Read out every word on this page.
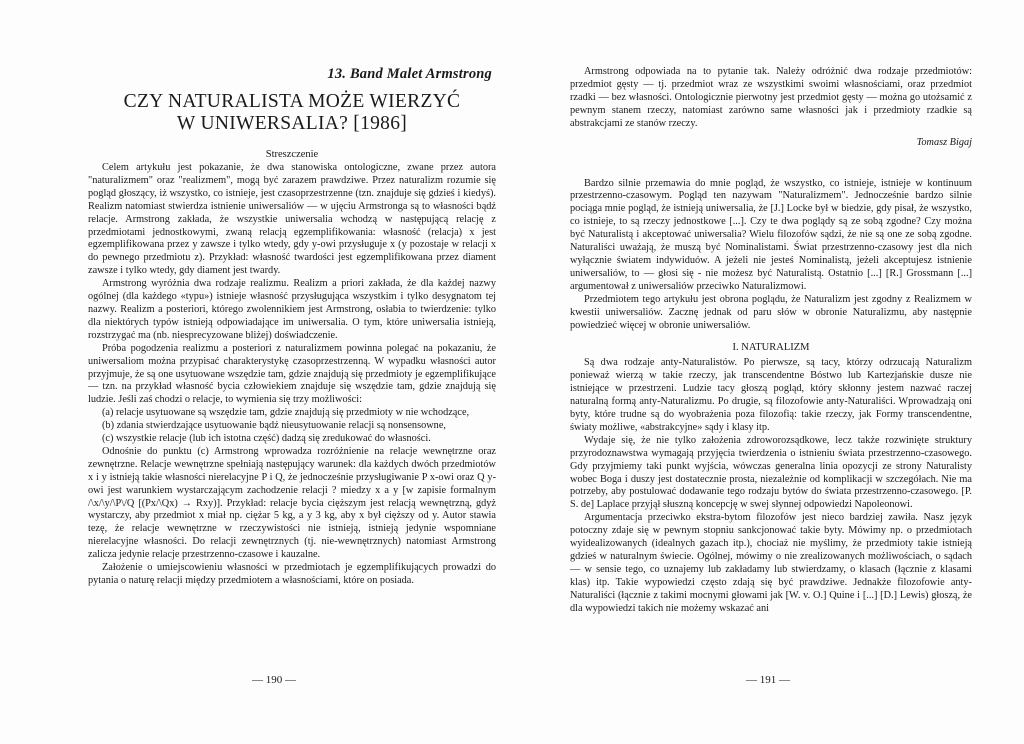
13. Band Malet Armstrong
CZY NATURALISTA MOŻE WIERZYĆ
W UNIWERSALIA? [1986]
Streszczenie

Celem artykułu jest pokazanie, że dwa stanowiska ontologiczne, zwane przez autora "naturalizmem" oraz "realizmem", mogą być zarazem prawdziwe. Przez naturalizm rozumie się pogląd głoszący, iż wszystko, co istnieje, jest czasoprzestrzenne (tzn. znajduje się gdzieś i kiedyś). Realizm natomiast stwierdza istnienie uniwersaliów — w ujęciu Armstronga są to własności bądź relacje. Armstrong zakłada, że wszystkie uniwersalia wchodzą w następującą relację z przedmiotami jednostkowymi, zwaną relacją egzemplifikowania: własność (relacja) x jest egzemplifikowana przez y zawsze i tylko wtedy, gdy y-owi przysługuje x (y pozostaje w relacji x do pewnego przedmiotu z). Przykład: własność twardości jest egzemplifikowana przez diament zawsze i tylko wtedy, gdy diament jest twardy.

Armstrong wyróżnia dwa rodzaje realizmu. Realizm a priori zakłada, że dla każdej nazwy ogólnej (dla każdego «typu») istnieje własność przysługująca wszystkim i tylko desygnatom tej nazwy. Realizm a posteriori, którego zwolennikiem jest Armstrong, osłabia to twierdzenie: tylko dla niektórych typów istnieją odpowiadające im uniwersalia. O tym, które uniwersalia istnieją, rozstrzygać ma (nb. niesprecyzowane bliżej) doświadczenie.

Próba pogodzenia realizmu a posteriori z naturalizmem powinna polegać na pokazaniu, że uniwersaliom można przypisać charakterystykę czasoprzestrzenną. W wypadku własności autor przyjmuje, że są one usytuowane wszędzie tam, gdzie znajdują się przedmioty je egzemplifikujące — tzn. na przykład własność bycia człowiekiem znajduje się wszędzie tam, gdzie znajdują się ludzie. Jeśli zaś chodzi o relacje, to wymienia się trzy możliwości:

(a) relacje usytuowane są wszędzie tam, gdzie znajdują się przedmioty w nie wchodzące,
(b) zdania stwierdzające usytuowanie bądź nieusytuowanie relacji są nonsensowne,
(c) wszystkie relacje (lub ich istotna część) dadzą się zredukować do własności.

Odnośnie do punktu (c) Armstrong wprowadza rozróżnienie na relacje wewnętrzne oraz zewnętrzne. Relacje wewnętrzne spełniają następujący warunek: dla każdych dwóch przedmiotów x i y istnieją takie własności nierelacyjne P i Q, że jednocześnie przysługiwanie P x-owi oraz Q y-owi jest warunkiem wystarczającym zachodzenie relacji ? miedzy x a y [w zapisie formalnym /\x/\y/\P\/Q [(Px/\Qx) → Rxy)]. Przykład: relacje bycia cięższym jest relacją wewnętrzną, gdyż wystarczy, aby przedmiot x miał np. ciężar 5 kg, a y 3 kg, aby x był cięższy od y. Autor stawia tezę, że relacje wewnętrzne w rzeczywistości nie istnieją, istnieją jedynie wspomniane nierelacyjne własności. Do relacji zewnętrznych (tj. nie-wewnętrznych) natomiast Armstrong zalicza jedynie relacje przestrzenno-czasowe i kauzalne.

Założenie o umiejscowieniu własności w przedmiotach je egzemplifikujących prowadzi do pytania o naturę relacji między przedmiotem a własnościami, które on posiada.

— 190 —

Armstrong odpowiada na to pytanie tak. Należy odróżnić dwa rodzaje przedmiotów: przedmiot gęsty — tj. przedmiot wraz ze wszystkimi swoimi własnościami, oraz przedmiot rzadki — bez własności. Ontologicznie pierwotny jest przedmiot gęsty — można go utożsamić z pewnym stanem rzeczy, natomiast zarówno same własności jak i przedmioty rzadkie są abstrakcjami ze stanów rzeczy.

Tomasz Bigaj

Bardzo silnie przemawia do mnie pogląd, że wszystko, co istnieje, istnieje w kontinuum przestrzenno-czasowym. Pogląd ten nazywam "Naturalizmem". Jednocześnie bardzo silnie pociąga mnie pogląd, że istnieją uniwersalia, że [J.] Locke był w biedzie, gdy pisał, że wszystko, co istnieje, to są rzeczy jednostkowe [...]. Czy te dwa poglądy są ze sobą zgodne? Czy można być Naturalistą i akceptować uniwersalia? Wielu filozofów sądzi, że nie są one ze sobą zgodne. Naturaliści uważają, że muszą być Nominalistami. Świat przestrzenno-czasowy jest dla nich wyłącznie światem indywiduów. A jeżeli nie jesteś Nominalistą, jeżeli akceptujesz istnienie uniwersaliów, to — głosi się - nie możesz być Naturalistą. Ostatnio [...] [R.] Grossmann [...] argumentował z uniwersaliów przeciwko Naturalizmowi.

Przedmiotem tego artykułu jest obrona poglądu, że Naturalizm jest zgodny z Realizmem w kwestii uniwersaliów. Zacznę jednak od paru słów w obronie Naturalizmu, aby następnie powiedzieć więcej w obronie uniwersaliów.

I. NATURALIZM

Są dwa rodzaje anty-Naturalistów. Po pierwsze, są tacy, którzy odrzucają Naturalizm ponieważ wierzą w takie rzeczy, jak transcendentne Bóstwo lub Kartezjańskie dusze nie istniejące w przestrzeni. Ludzie tacy głoszą pogląd, który skłonny jestem nazwać raczej naturalną formą anty-Naturalizmu. Po drugie, są filozofowie anty-Naturaliści. Wprowadzają oni byty, które trudne są do wyobrażenia poza filozofią: takie rzeczy, jak Formy transcendentne, światy możliwe, «abstrakcyjne» sądy i klasy itp.

Wydaje się, że nie tylko założenia zdroworozsądkowe, lecz także rozwinięte struktury przyrodoznawstwa wymagają przyjęcia twierdzenia o istnieniu świata przestrzenno-czasowego. Gdy przyjmiemy taki punkt wyjścia, wówczas generalna linia opozycji ze strony Naturalisty wobec Boga i duszy jest dostatecznie prosta, niezależnie od komplikacji w szczegółach. Nie ma potrzeby, aby postulować dodawanie tego rodzaju bytów do świata przestrzenno-czasowego. [P. S. de] Laplace przyjął słuszną koncepcję w swej słynnej odpowiedzi Napoleonowi.

Argumentacja przeciwko ekstra-bytom filozofów jest nieco bardziej zawiła. Nasz język potoczny zdaje się w pewnym stopniu sankcjonować takie byty. Mówimy np. o przedmiotach wyidealizowanych (idealnych gazach itp.), chociaż nie myślimy, że przedmioty takie istnieją gdzieś w naturalnym świecie. Ogólnej, mówimy o nie zrealizowanych możliwościach, o sądach — w sensie tego, co uznajemy lub zakładamy lub stwierdzamy, o klasach (łącznie z klasami klas) itp. Takie wypowiedzi często zdają się być prawdziwe. Jednakże filozofowie anty-Naturaliści (łącznie z takimi mocnymi głowami jak [W. v. O.] Quine i [...] [D.] Lewis) głoszą, że dla wypowiedzi takich nie możemy wskazać ani

— 191 —
